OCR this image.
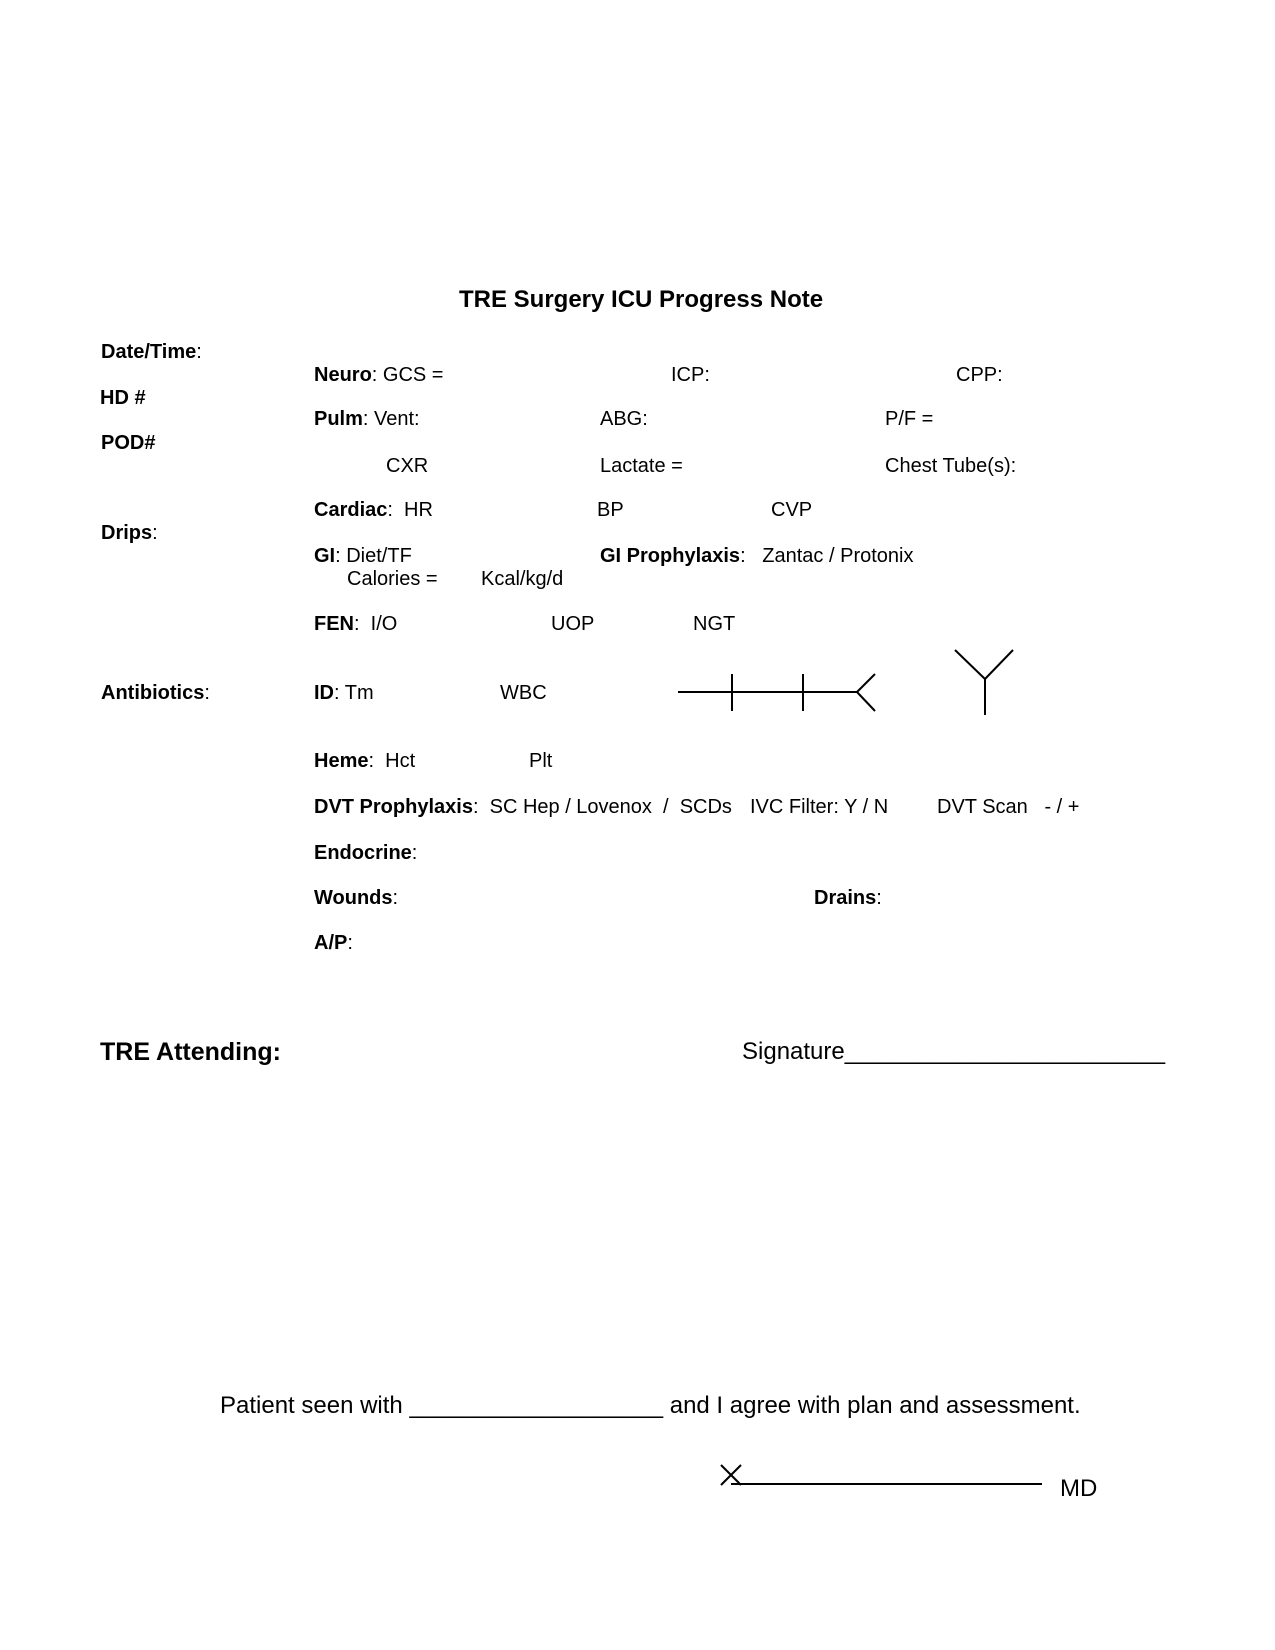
TRE Surgery ICU Progress Note
Date/Time:
HD #
POD#
Drips:
Antibiotics:
Neuro: GCS =	ICP:	CPP:
Pulm: Vent:	ABG:	P/F =
CXR	Lactate =	Chest Tube(s):
Cardiac:  HR	BP	CVP
GI: Diet/TF	GI Prophylaxis:   Zantac / Protonix
Calories = Kcal/kg/d
FEN:  I/O	UOP	NGT
ID: Tm	WBC
Heme:  Hct	Plt
DVT Prophylaxis:  SC Hep / Lovenox  /  SCDs IVC Filter: Y / N DVT Scan   - / +
Endocrine:
Wounds:	Drains:
A/P:
TRE Attending:	Signature________________________
Patient seen with ___________________ and I agree with plan and assessment.
MD
